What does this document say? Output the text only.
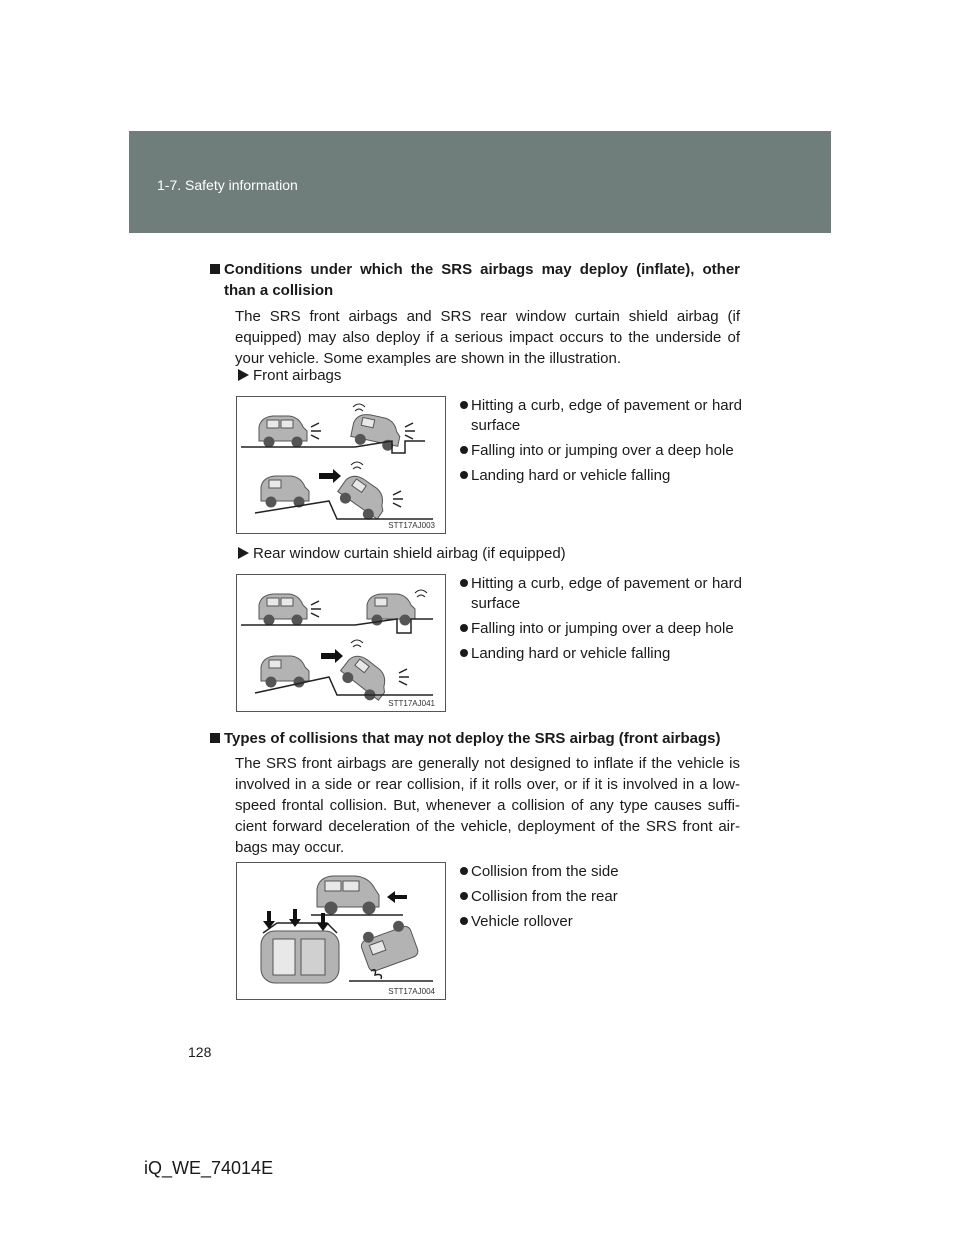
1-7. Safety information
Conditions under which the SRS airbags may deploy (inflate), other than a collision
The SRS front airbags and SRS rear window curtain shield airbag (if equipped) may also deploy if a serious impact occurs to the underside of your vehicle. Some examples are shown in the illustration.
Front airbags
STT17AJ003
Hitting a curb, edge of pavement or hard surface
Falling into or jumping over a deep hole
Landing hard or vehicle falling
Rear window curtain shield airbag (if equipped)
STT17AJ041
Hitting a curb, edge of pavement or hard surface
Falling into or jumping over a deep hole
Landing hard or vehicle falling
Types of collisions that may not deploy the SRS airbag (front airbags)
The SRS front airbags are generally not designed to inflate if the vehicle is involved in a side or rear collision, if it rolls over, or if it is involved in a low-speed frontal collision. But, whenever a collision of any type causes suffi-cient forward deceleration of the vehicle, deployment of the SRS front air-bags may occur.
STT17AJ004
Collision from the side
Collision from the rear
Vehicle rollover
128
iQ_WE_74014E
